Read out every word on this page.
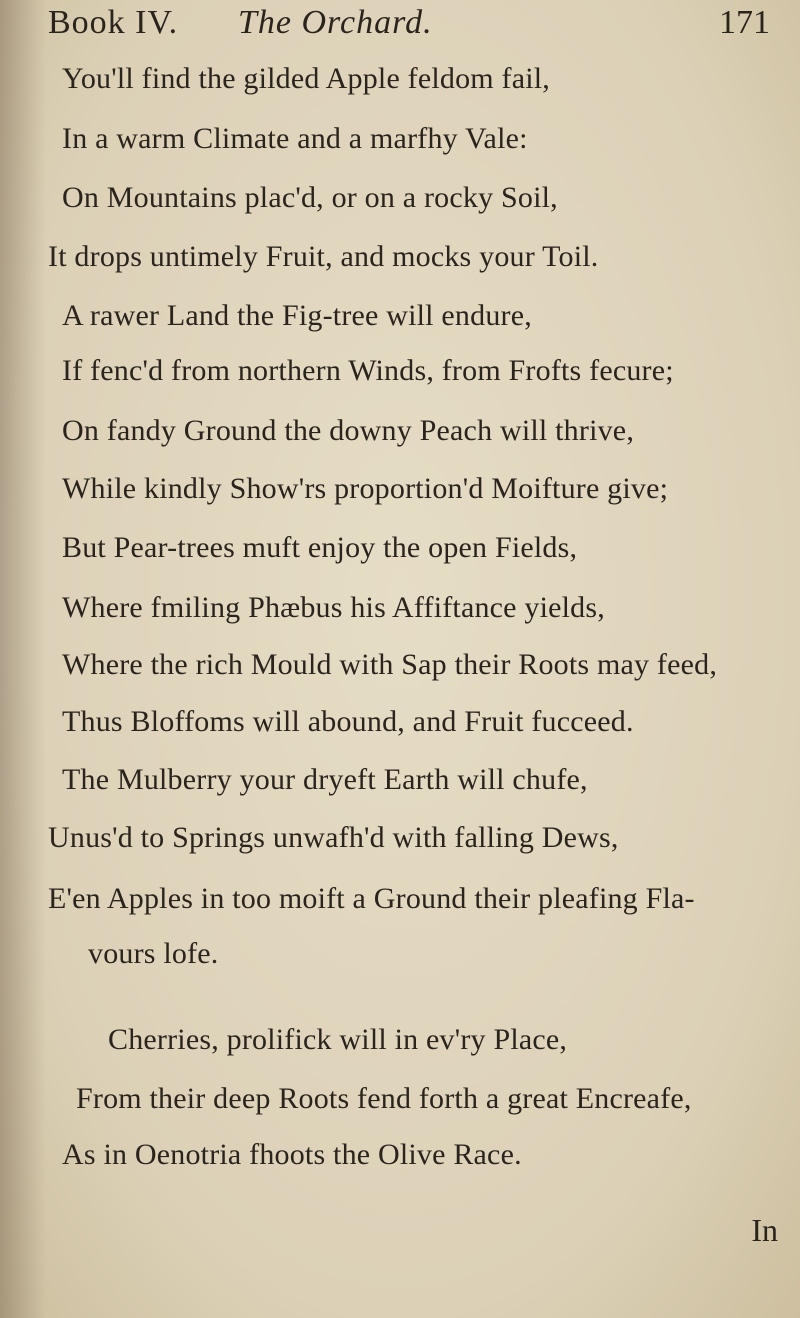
Book IV. The Orchard.	171
You'll find the gilded Apple feldom fail,
In a warm Climate and a marfhy Vale:
On Mountains plac'd, or on a rocky Soil,
It drops untimely Fruit, and mocks your Toil.
A rawer Land the Fig-tree will endure,
If fenc'd from northern Winds, from Frofts fecure;
On fandy Ground the downy Peach will thrive,
While kindly Show'rs proportion'd Moifture give;
But Pear-trees muft enjoy the open Fields,
Where fmiling Phæbus his Affiftance yields,
Where the rich Mould with Sap their Roots may feed,
Thus Bloffoms will abound, and Fruit fucceed.
The Mulberry your dryeft Earth will chufe,
Unus'd to Springs unwafh'd with falling Dews,
E'en Apples in too moift a Ground their pleafing Fla-
vours lofe.
Cherries, prolifick will in ev'ry Place,
From their deep Roots fend forth a great Encreafe,
As in Oenotria fhoots the Olive Race.
In
